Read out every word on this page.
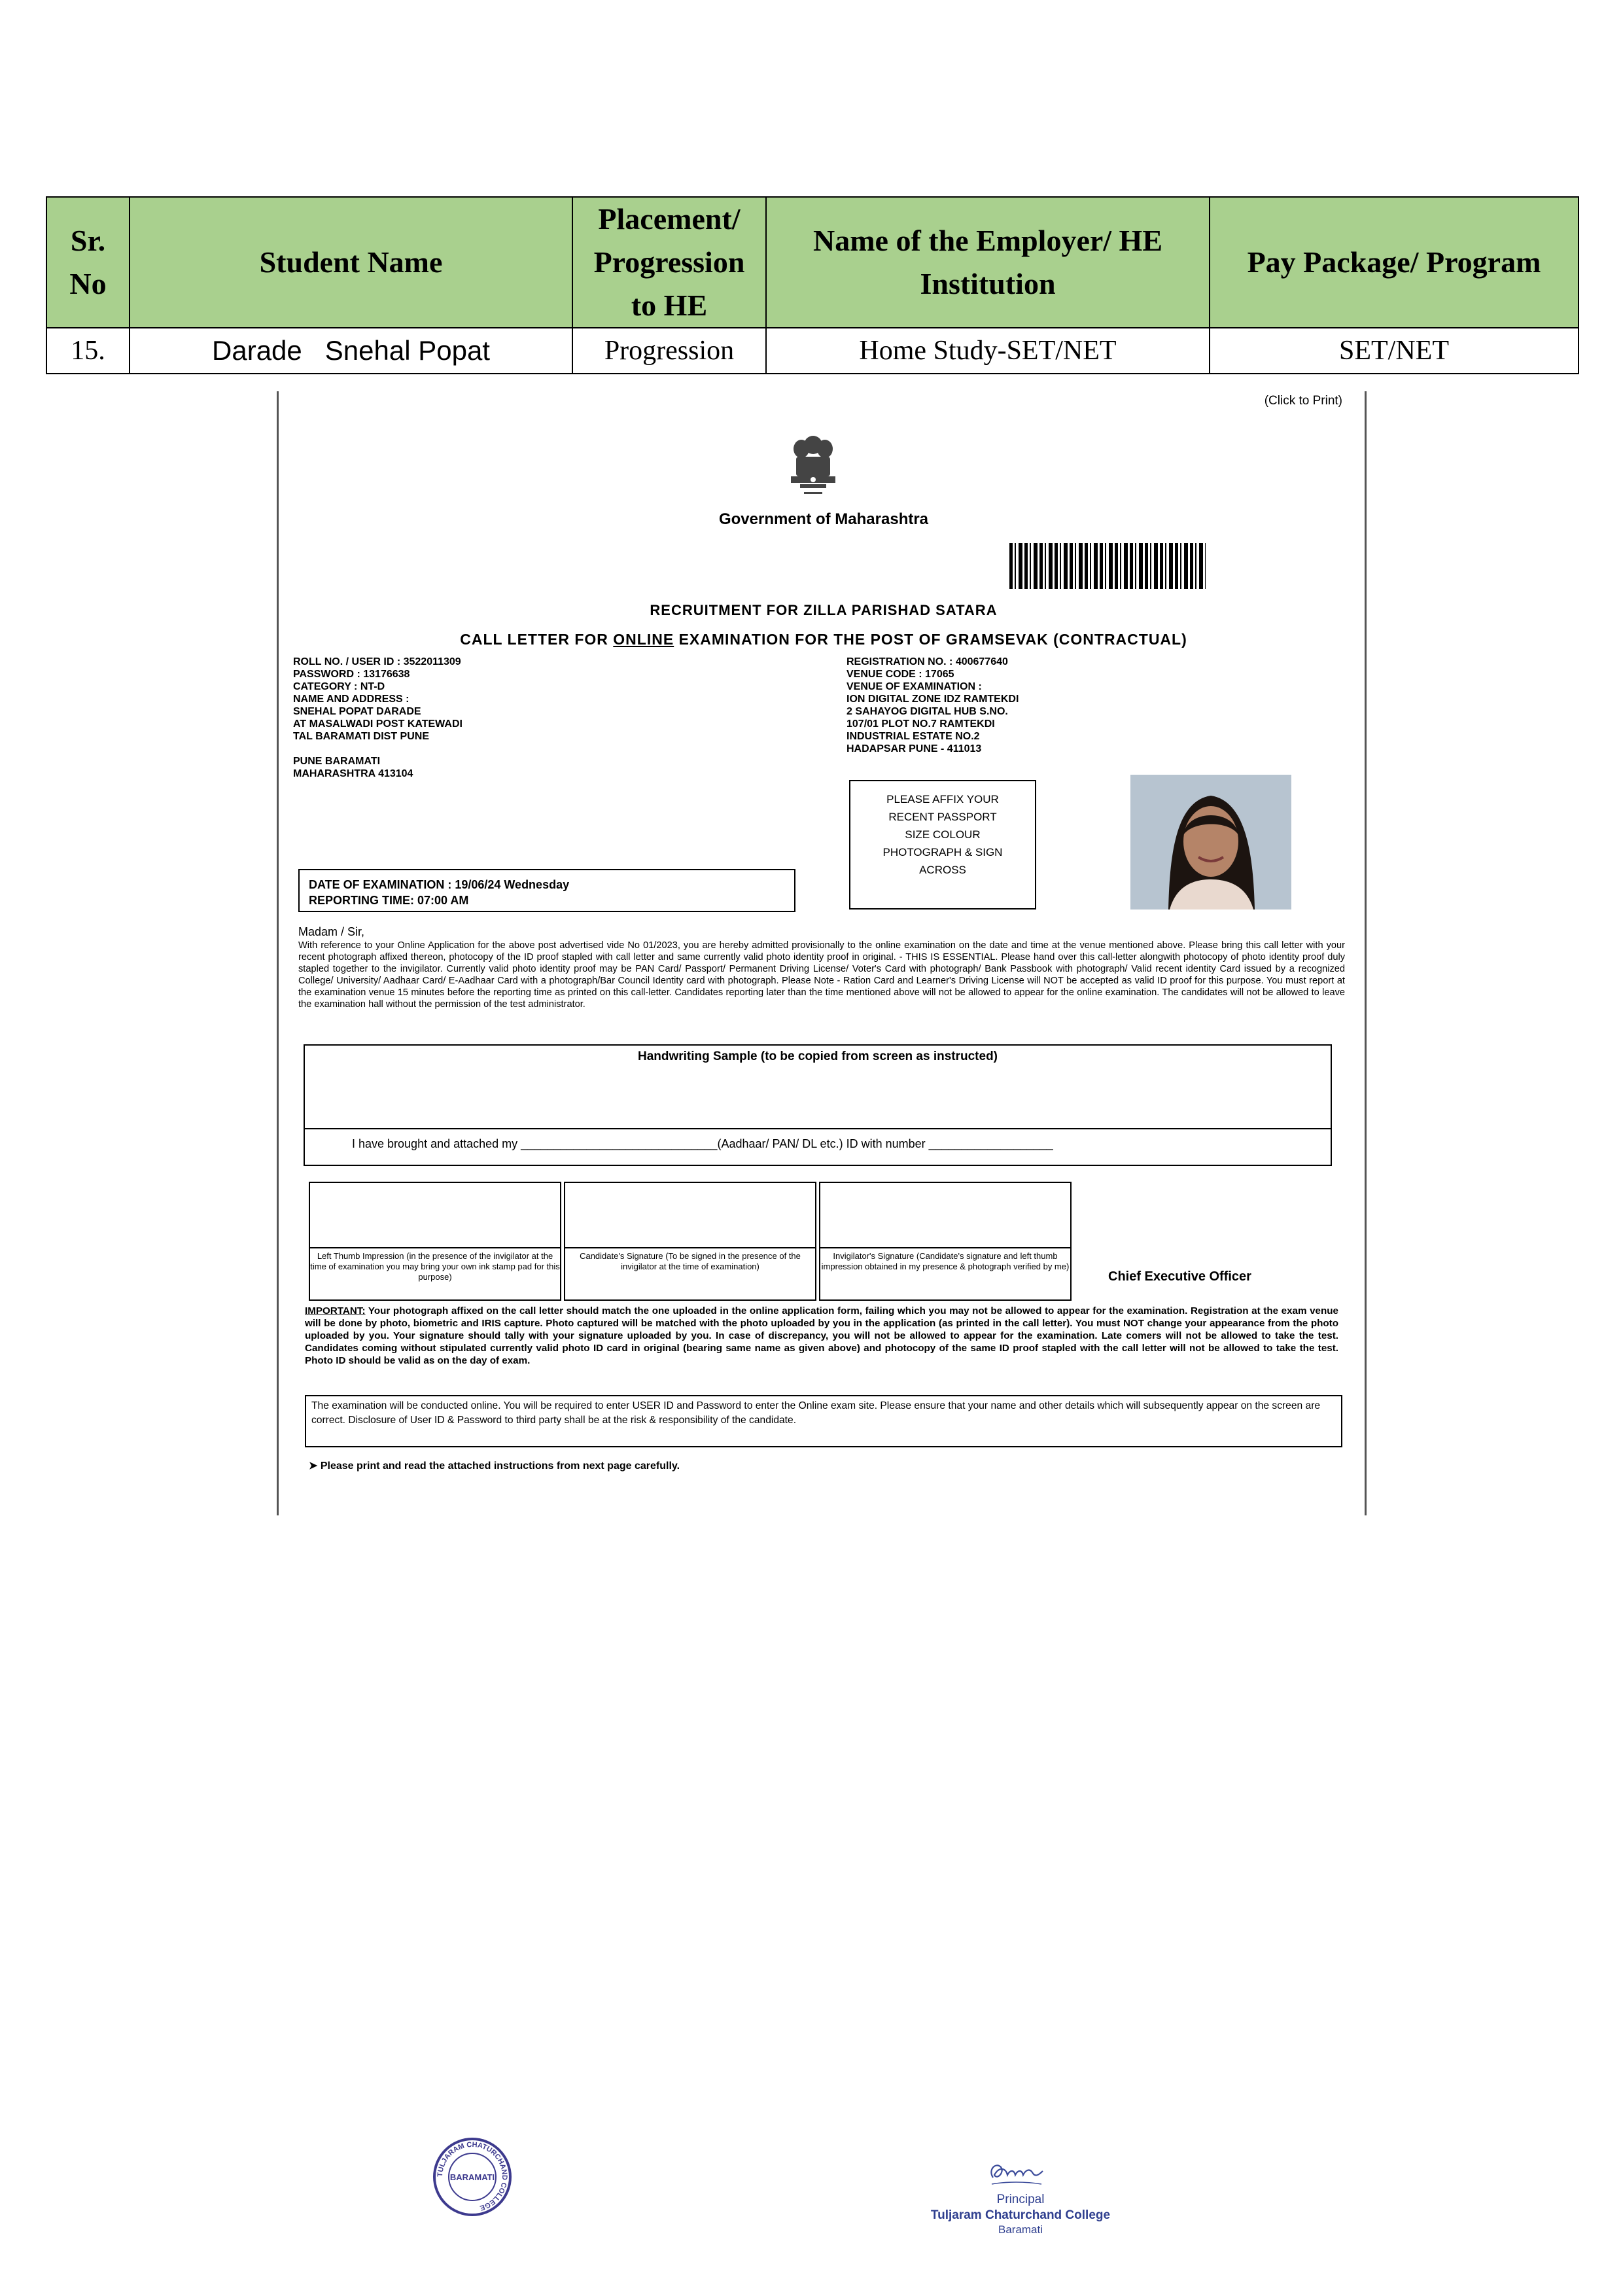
Sr. No	Student Name	Placement/ Progression to HE	Name of the Employer/ HE Institution	Pay Package/ Program
15.	Darade   Snehal Popat	Progression	Home Study-SET/NET	SET/NET
(Click to Print)
Government of Maharashtra
RECRUITMENT FOR ZILLA PARISHAD SATARA
CALL LETTER FOR ONLINE EXAMINATION FOR THE POST OF GRAMSEVAK (CONTRACTUAL)
ROLL NO. / USER ID : 3522011309
PASSWORD : 13176638
CATEGORY : NT-D
NAME AND ADDRESS :
SNEHAL POPAT DARADE
AT MASALWADI POST KATEWADI
TAL BARAMATI DIST PUNE
PUNE BARAMATI
MAHARASHTRA 413104
REGISTRATION NO. : 400677640
VENUE CODE : 17065
VENUE OF EXAMINATION :
ION DIGITAL ZONE IDZ RAMTEKDI
2 SAHAYOG DIGITAL HUB S.NO.
107/01 PLOT NO.7 RAMTEKDI
INDUSTRIAL ESTATE NO.2
HADAPSAR PUNE - 411013
PLEASE AFFIX YOUR
RECENT PASSPORT
SIZE COLOUR
PHOTOGRAPH & SIGN
ACROSS
DATE OF EXAMINATION : 19/06/24 Wednesday
REPORTING TIME: 07:00 AM
Madam / Sir,
With reference to your Online Application for the above post advertised vide No 01/2023, you are hereby admitted provisionally to the online examination on the date and time at the venue mentioned above. Please bring this call letter with your recent photograph affixed thereon, photocopy of the ID proof stapled with call letter and same currently valid photo identity proof in original. - THIS IS ESSENTIAL. Please hand over this call-letter alongwith photocopy of photo identity proof duly stapled together to the invigilator. Currently valid photo identity proof may be PAN Card/ Passport/ Permanent Driving License/ Voter's Card with photograph/ Bank Passbook with photograph/ Valid recent identity Card issued by a recognized College/ University/ Aadhaar Card/ E-Aadhaar Card with a photograph/Bar Council Identity card with photograph. Please Note - Ration Card and Learner's Driving License will NOT be accepted as valid ID proof for this purpose. You must report at the examination venue 15 minutes before the reporting time as printed on this call-letter. Candidates reporting later than the time mentioned above will not be allowed to appear for the online examination. The candidates will not be allowed to leave the examination hall without the permission of the test administrator.
Handwriting Sample (to be copied from screen as instructed)
I have brought and attached my ______________________________(Aadhaar/ PAN/ DL etc.) ID with number ___________________
Left Thumb Impression (in the presence of the invigilator at the time of examination you may bring your own ink stamp pad for this purpose)
Candidate's Signature (To be signed in the presence of the invigilator at the time of examination)
Invigilator's Signature (Candidate's signature and left thumb impression obtained in my presence & photograph verified by me)
Chief Executive Officer
IMPORTANT: Your photograph affixed on the call letter should match the one uploaded in the online application form, failing which you may not be allowed to appear for the examination. Registration at the exam venue will be done by photo, biometric and IRIS capture. Photo captured will be matched with the photo uploaded by you in the application (as printed in the call letter). You must NOT change your appearance from the photo uploaded by you. Your signature should tally with your signature uploaded by you. In case of discrepancy, you will not be allowed to appear for the examination. Late comers will not be allowed to take the test. Candidates coming without stipulated currently valid photo ID card in original (bearing same name as given above) and photocopy of the same ID proof stapled with the call letter will not be allowed to take the test. Photo ID should be valid as on the day of exam.
The examination will be conducted online. You will be required to enter USER ID and Password to enter the Online exam site. Please ensure that your name and other details which will subsequently appear on the screen are correct. Disclosure of User ID & Password to third party shall be at the risk & responsibility of the candidate.
➤ Please print and read the attached instructions from next page carefully.
TULJARAM CHATURCHAND COLLEGE
BARAMATI
Principal
Tuljaram Chaturchand College
Baramati
